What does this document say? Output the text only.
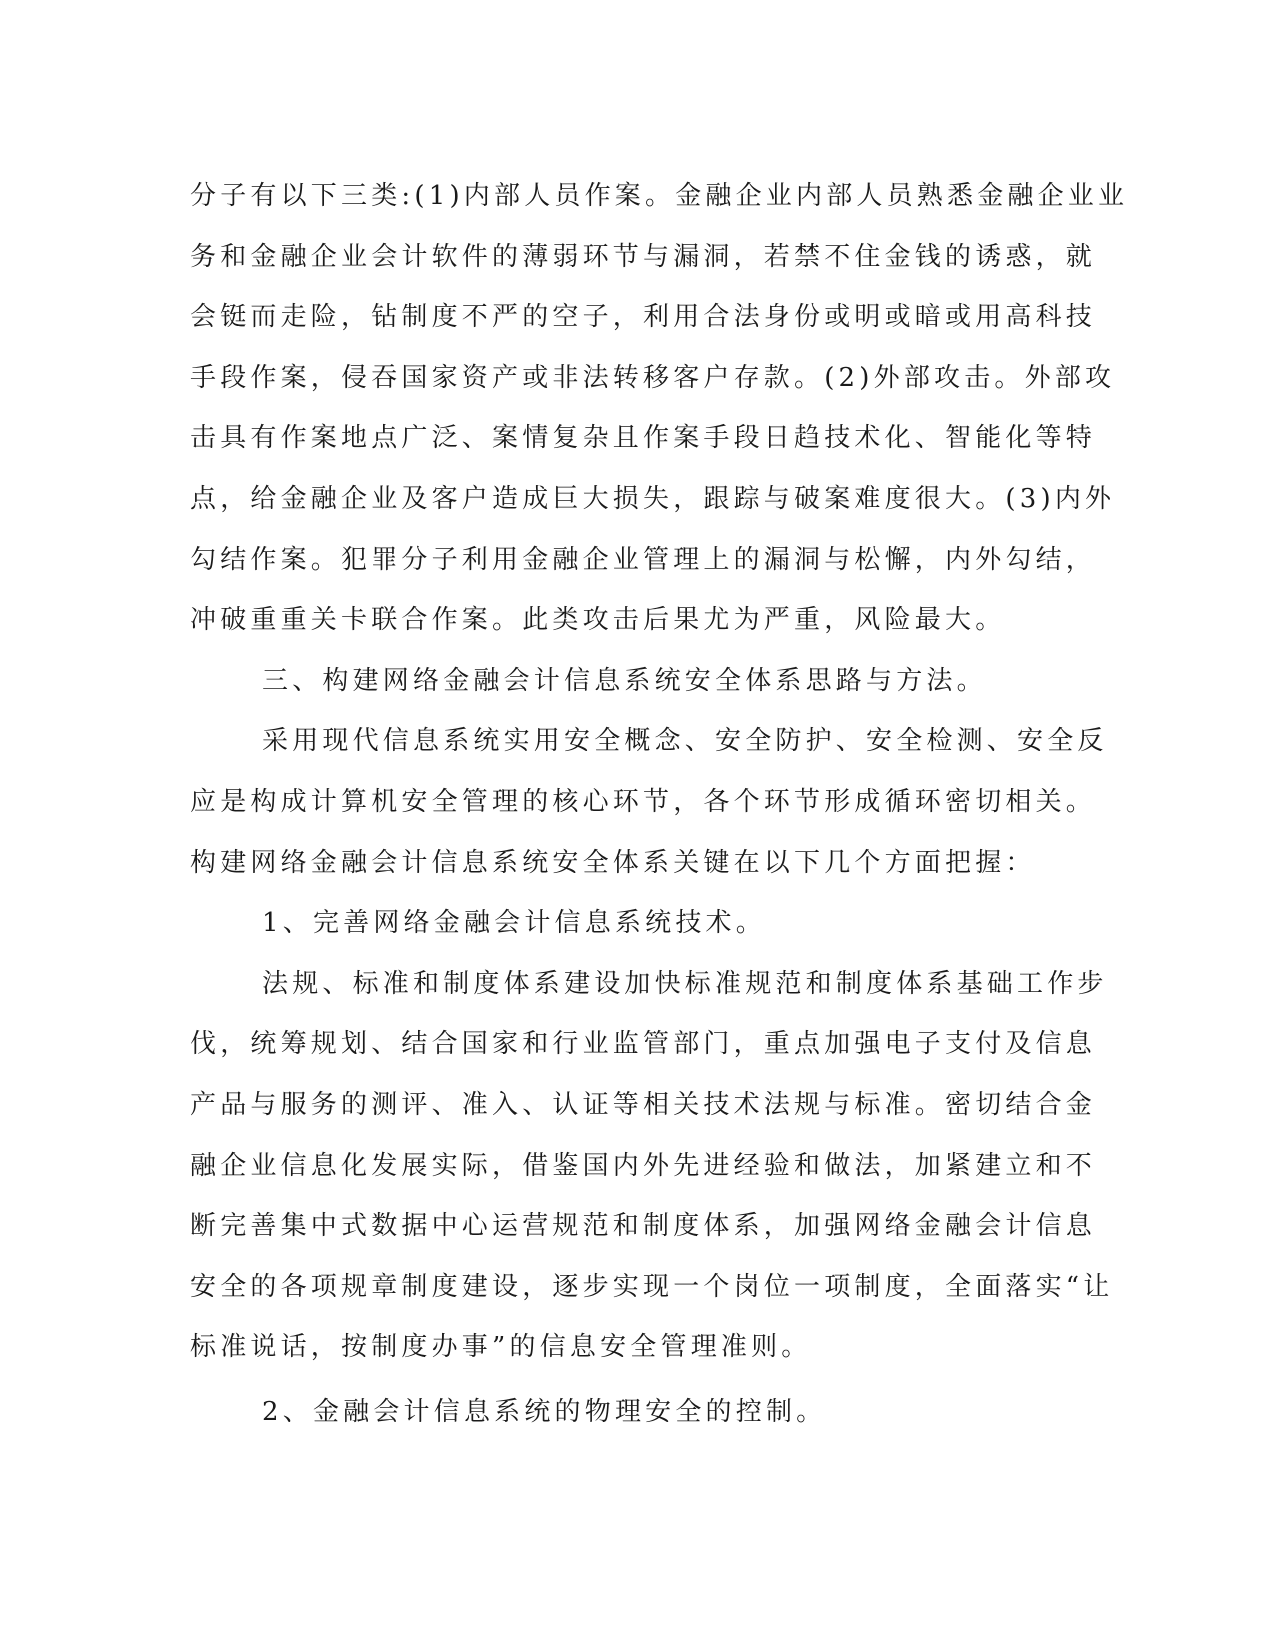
分子有以下三类:(1)内部人员作案。金融企业内部人员熟悉金融企业业
务和金融企业会计软件的薄弱环节与漏洞，若禁不住金钱的诱惑，就
会铤而走险，钻制度不严的空子，利用合法身份或明或暗或用高科技
手段作案，侵吞国家资产或非法转移客户存款。(2)外部攻击。外部攻
击具有作案地点广泛、案情复杂且作案手段日趋技术化、智能化等特
点，给金融企业及客户造成巨大损失，跟踪与破案难度很大。(3)内外
勾结作案。犯罪分子利用金融企业管理上的漏洞与松懈，内外勾结，
冲破重重关卡联合作案。此类攻击后果尤为严重，风险最大。
三、构建网络金融会计信息系统安全体系思路与方法。
采用现代信息系统实用安全概念、安全防护、安全检测、安全反
应是构成计算机安全管理的核心环节，各个环节形成循环密切相关。
构建网络金融会计信息系统安全体系关键在以下几个方面把握：
1、完善网络金融会计信息系统技术。
法规、标准和制度体系建设加快标准规范和制度体系基础工作步
伐，统筹规划、结合国家和行业监管部门，重点加强电子支付及信息
产品与服务的测评、准入、认证等相关技术法规与标准。密切结合金
融企业信息化发展实际，借鉴国内外先进经验和做法，加紧建立和不
断完善集中式数据中心运营规范和制度体系，加强网络金融会计信息
安全的各项规章制度建设，逐步实现一个岗位一项制度，全面落实“让
标准说话，按制度办事”的信息安全管理准则。
2、金融会计信息系统的物理安全的控制。
